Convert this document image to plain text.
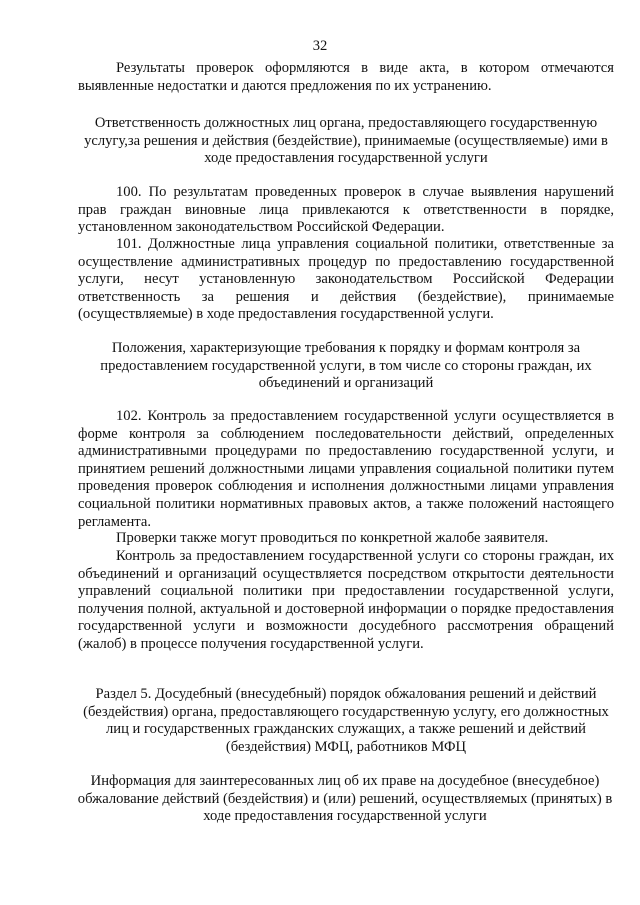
32

Результаты проверок оформляются в виде акта, в котором отмечаются выявленные недостатки и даются предложения по их устранению.

Ответственность должностных лиц органа, предоставляющего государственную услугу,за решения и действия (бездействие), принимаемые (осуществляемые) ими в ходе предоставления государственной услуги

100. По результатам проведенных проверок в случае выявления нарушений прав граждан виновные лица привлекаются к ответственности в порядке, установленном законодательством Российской Федерации.

101. Должностные лица управления социальной политики, ответственные за осуществление административных процедур по предоставлению государственной услуги, несут установленную законодательством Российской Федерации ответственность за решения и действия (бездействие), принимаемые (осуществляемые) в ходе предоставления государственной услуги.

Положения, характеризующие требования к порядку и формам контроля за предоставлением государственной услуги, в том числе со стороны граждан, их объединений и организаций

102. Контроль за предоставлением государственной услуги осуществляется в форме контроля за соблюдением последовательности действий, определенных административными процедурами по предоставлению государственной услуги, и принятием решений должностными лицами управления социальной политики путем проведения проверок соблюдения и исполнения должностными лицами управления социальной политики нормативных правовых актов, а также положений настоящего регламента.

Проверки также могут проводиться по конкретной жалобе заявителя.

Контроль за предоставлением государственной услуги со стороны граждан, их объединений и организаций осуществляется посредством открытости деятельности управлений социальной политики при предоставлении государственной услуги, получения полной, актуальной и достоверной информации о порядке предоставления государственной услуги и возможности досудебного рассмотрения обращений (жалоб) в процессе получения государственной услуги.

Раздел 5. Досудебный (внесудебный) порядок обжалования решений и действий (бездействия) органа, предоставляющего государственную услугу, его должностных лиц и государственных гражданских служащих, а также решений и действий (бездействия) МФЦ, работников МФЦ

Информация для заинтересованных лиц об их праве на досудебное (внесудебное) обжалование действий (бездействия) и (или) решений, осуществляемых (принятых) в ходе предоставления государственной услуги
